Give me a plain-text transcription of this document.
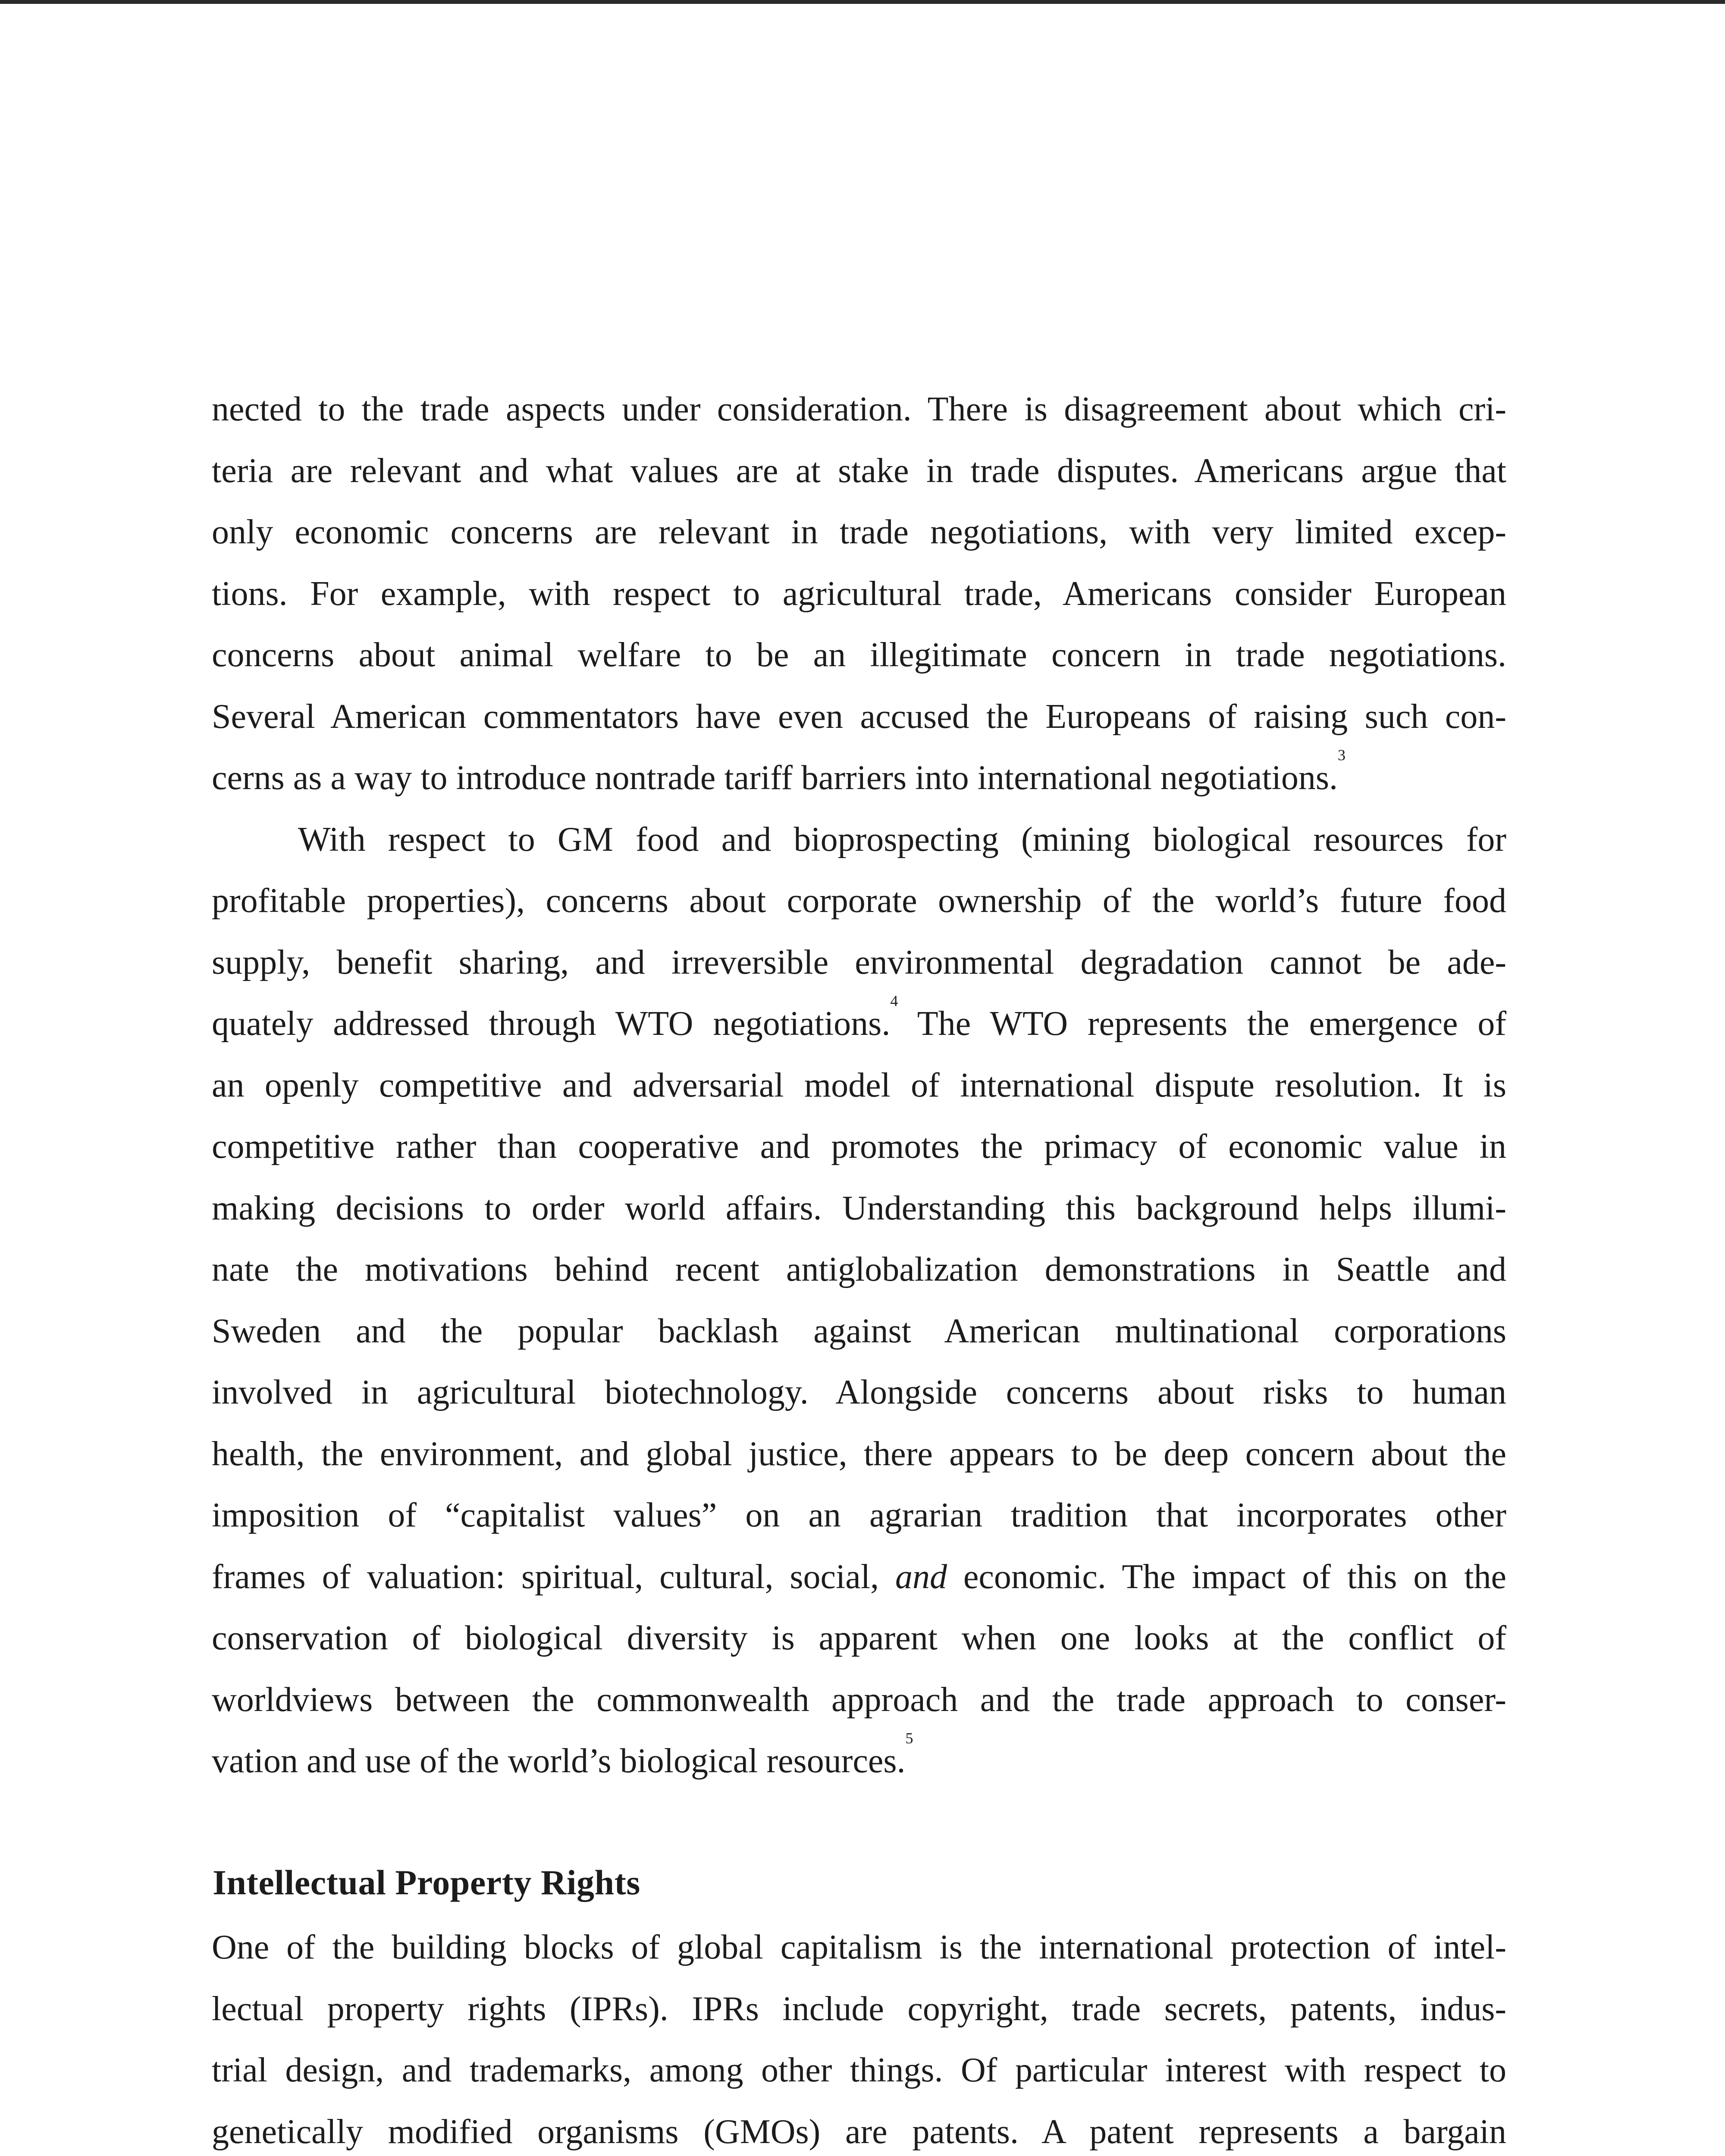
nected to the trade aspects under consideration. There is disagreement about which cri-
teria are relevant and what values are at stake in trade disputes. Americans argue that
only economic concerns are relevant in trade negotiations, with very limited excep-
tions. For example, with respect to agricultural trade, Americans consider European
concerns about animal welfare to be an illegitimate concern in trade negotiations.
Several American commentators have even accused the Europeans of raising such con-
cerns as a way to introduce nontrade tariff barriers into international negotiations.$^3$
With respect to GM food and bioprospecting (mining biological resources for
profitable properties), concerns about corporate ownership of the world’s future food
supply, benefit sharing, and irreversible environmental degradation cannot be ade-
quately addressed through WTO negotiations.$^4$ The WTO represents the emergence of
an openly competitive and adversarial model of international dispute resolution. It is
competitive rather than cooperative and promotes the primacy of economic value in
making decisions to order world affairs. Understanding this background helps illumi-
nate the motivations behind recent antiglobalization demonstrations in Seattle and
Sweden and the popular backlash against American multinational corporations
involved in agricultural biotechnology. Alongside concerns about risks to human
health, the environment, and global justice, there appears to be deep concern about the
imposition of “capitalist values” on an agrarian tradition that incorporates other
frames of valuation: spiritual, cultural, social, and economic. The impact of this on the
conservation of biological diversity is apparent when one looks at the conflict of
worldviews between the commonwealth approach and the trade approach to conser-
vation and use of the world’s biological resources.$^5$
Intellectual Property Rights
One of the building blocks of global capitalism is the international protection of intel-
lectual property rights (IPRs). IPRs include copyright, trade secrets, patents, indus-
trial design, and trademarks, among other things. Of particular interest with respect to
genetically modified organisms (GMOs) are patents. A patent represents a bargain
